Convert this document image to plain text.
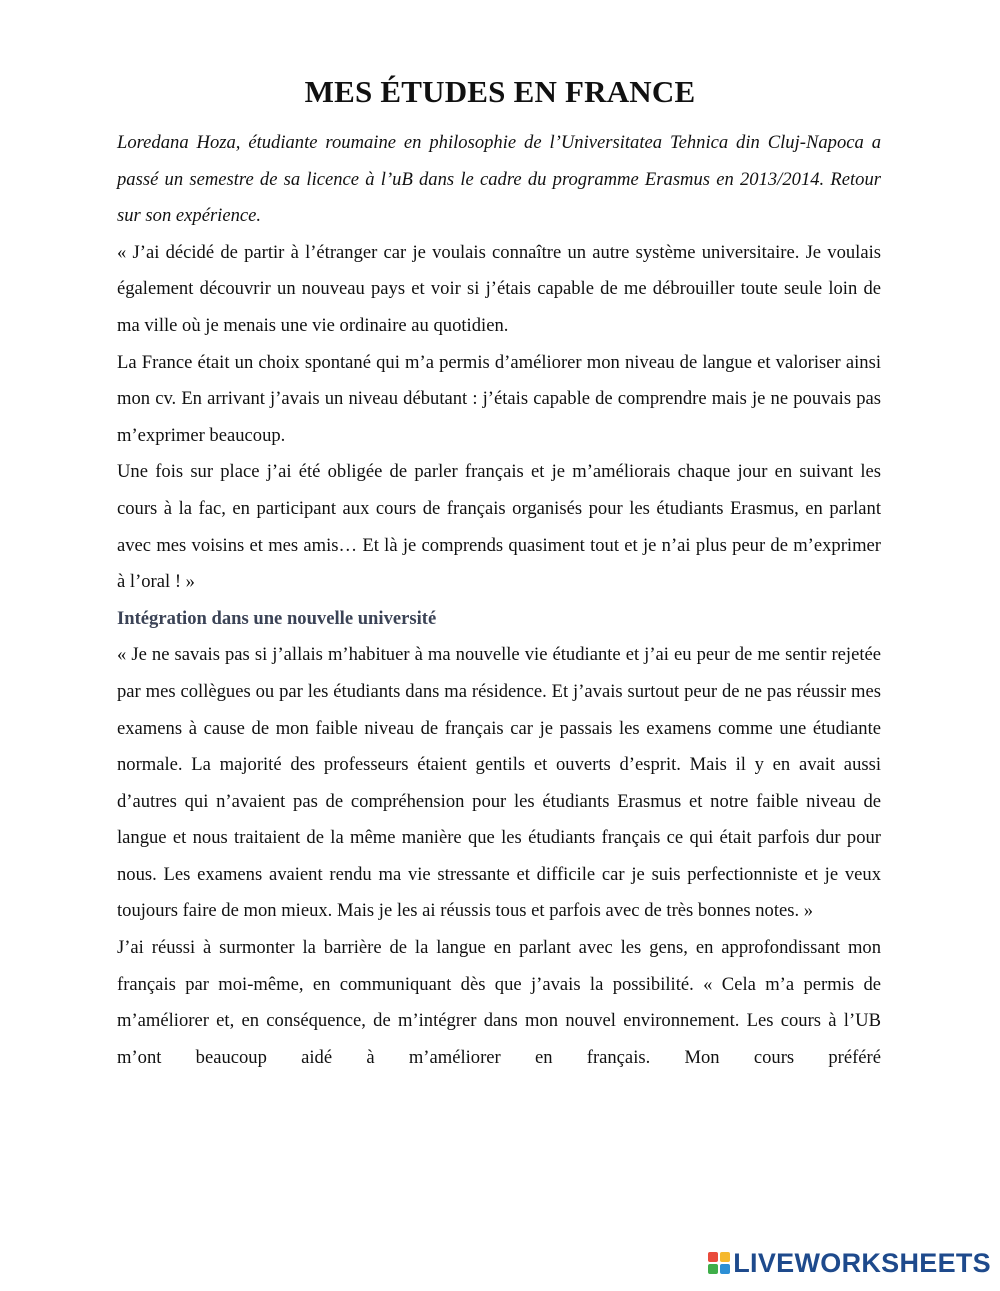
MES ÉTUDES EN FRANCE

Loredana Hoza, étudiante roumaine en philosophie de l’Universitatea Tehnica din Cluj-Napoca a passé un semestre de sa licence à l’uB dans le cadre du programme Erasmus en 2013/2014. Retour sur son expérience.

« J’ai décidé de partir à l’étranger car je voulais connaître un autre système universitaire. Je voulais également découvrir un nouveau pays et voir si j’étais capable de me débrouiller toute seule loin de ma ville où je menais une vie ordinaire au quotidien.

La France était un choix spontané qui m’a permis d’améliorer mon niveau de langue et valoriser ainsi mon cv. En arrivant j’avais un niveau débutant : j’étais capable de comprendre mais je ne pouvais pas m’exprimer beaucoup.

Une fois sur place j’ai été obligée de parler français et je m’améliorais chaque jour en suivant les cours à la fac, en participant aux cours de français organisés pour les étudiants Erasmus, en parlant avec mes voisins et mes amis… Et là je comprends quasiment tout et je n’ai plus peur de m’exprimer à l’oral ! »

Intégration dans une nouvelle université

« Je ne savais pas si j’allais m’habituer à ma nouvelle vie étudiante et j’ai eu peur de me sentir rejetée par mes collègues ou par les étudiants dans ma résidence. Et j’avais surtout peur de ne pas réussir mes examens à cause de mon faible niveau de français car je passais les examens comme une étudiante normale. La majorité des professeurs étaient gentils et ouverts d’esprit. Mais il y en avait aussi d’autres qui n’avaient pas de compréhension pour les étudiants Erasmus et notre faible niveau de langue et nous traitaient de la même manière que les étudiants français ce qui était parfois dur pour nous. Les examens avaient rendu ma vie stressante et difficile car je suis perfectionniste et je veux toujours faire de mon mieux. Mais je les ai réussis tous et parfois avec de très bonnes notes. »

J’ai réussi à surmonter la barrière de la langue en parlant avec les gens, en approfondissant mon français par moi-même, en communiquant dès que j’avais la possibilité. « Cela m’a permis de m’améliorer et, en conséquence, de m’intégrer dans mon nouvel environnement. Les cours à l’UB m’ont beaucoup aidé à m’améliorer en français. Mon cours préféré

LIVEWORKSHEETS
